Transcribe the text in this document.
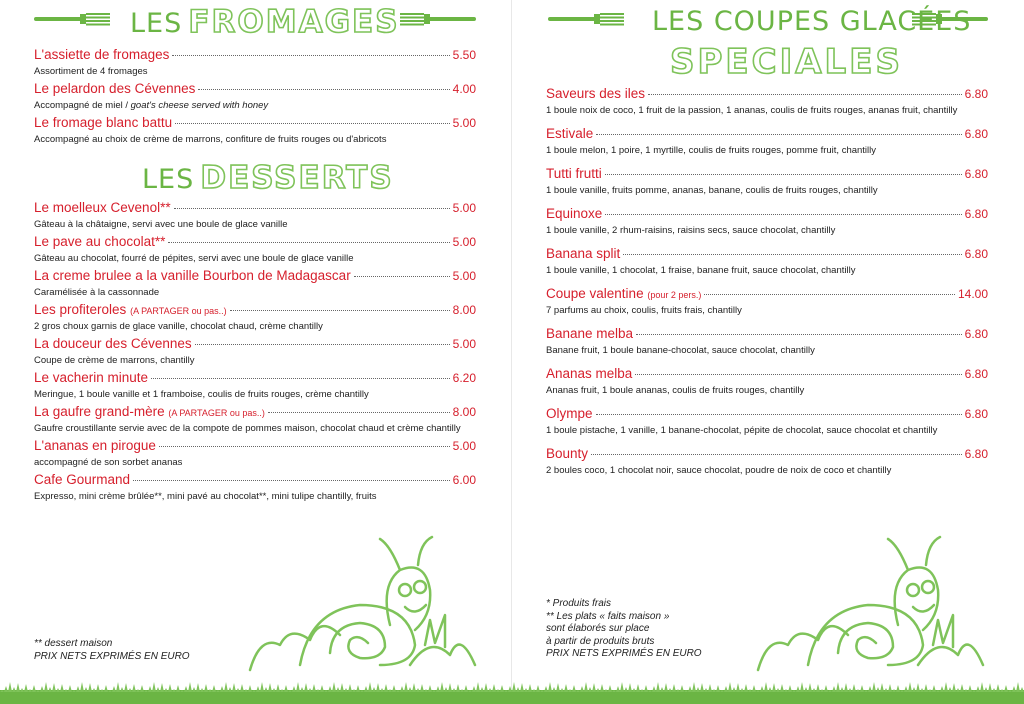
LES FROMAGES
L'assiette de fromages	5.50
Assortiment de 4 fromages
Le pelardon des Cévennes	4.00
Accompagné de miel / goat's cheese served with honey
Le fromage blanc battu	5.00
Accompagné au choix de crème de marrons, confiture de fruits rouges ou d'abricots
LES DESSERTS
Le moelleux Cevenol**	5.00
Gâteau à la châtaigne, servi avec une boule de glace vanille
Le pave au chocolat**	5.00
Gâteau au chocolat, fourré de pépites, servi avec une boule de glace vanille
La creme brulee a la vanille Bourbon de Madagascar	5.00
Caramélisée à la cassonnade
Les profiteroles (A PARTAGER ou pas..)	8.00
2 gros choux garnis de glace vanille, chocolat chaud, crème chantilly
La douceur des Cévennes	5.00
Coupe de crème de marrons, chantilly
Le vacherin minute	6.20
Meringue, 1 boule vanille et 1 framboise, coulis de fruits rouges, crème chantilly
La gaufre grand-mère (A PARTAGER ou pas..)	8.00
Gaufre croustillante servie avec de la compote de pommes maison, chocolat chaud et crème chantilly
L'ananas en pirogue	5.00
accompagné de son sorbet ananas
Cafe Gourmand	6.00
Expresso, mini crème brûlée**, mini pavé au chocolat**, mini tulipe chantilly, fruits
** dessert maison
PRIX NETS EXPRIMÉS EN EURO
LES COUPES GLACÉES
SPECIALES
Saveurs des iles	6.80
1 boule noix de coco, 1 fruit de la passion, 1 ananas, coulis de fruits rouges, ananas fruit, chantilly
Estivale	6.80
1 boule melon, 1 poire, 1 myrtille, coulis de fruits rouges, pomme fruit, chantilly
Tutti frutti	6.80
1 boule vanille, fruits pomme, ananas, banane, coulis de fruits rouges, chantilly
Equinoxe	6.80
1 boule vanille, 2 rhum-raisins, raisins secs, sauce chocolat, chantilly
Banana split	6.80
1 boule vanille, 1 chocolat, 1 fraise, banane fruit, sauce chocolat, chantilly
Coupe valentine (pour 2 pers.)	14.00
7 parfums au choix, coulis, fruits frais, chantilly
Banane melba	6.80
Banane fruit, 1 boule banane-chocolat, sauce chocolat, chantilly
Ananas melba	6.80
Ananas fruit, 1 boule ananas, coulis de fruits rouges, chantilly
Olympe	6.80
1 boule pistache, 1 vanille, 1 banane-chocolat, pépite de chocolat, sauce chocolat et chantilly
Bounty	6.80
2 boules coco, 1 chocolat noir, sauce chocolat, poudre de noix de coco et chantilly
* Produits frais
** Les plats « faits maison »
sont élaborés sur place
à partir de produits bruts
PRIX NETS EXPRIMÉS EN EURO
